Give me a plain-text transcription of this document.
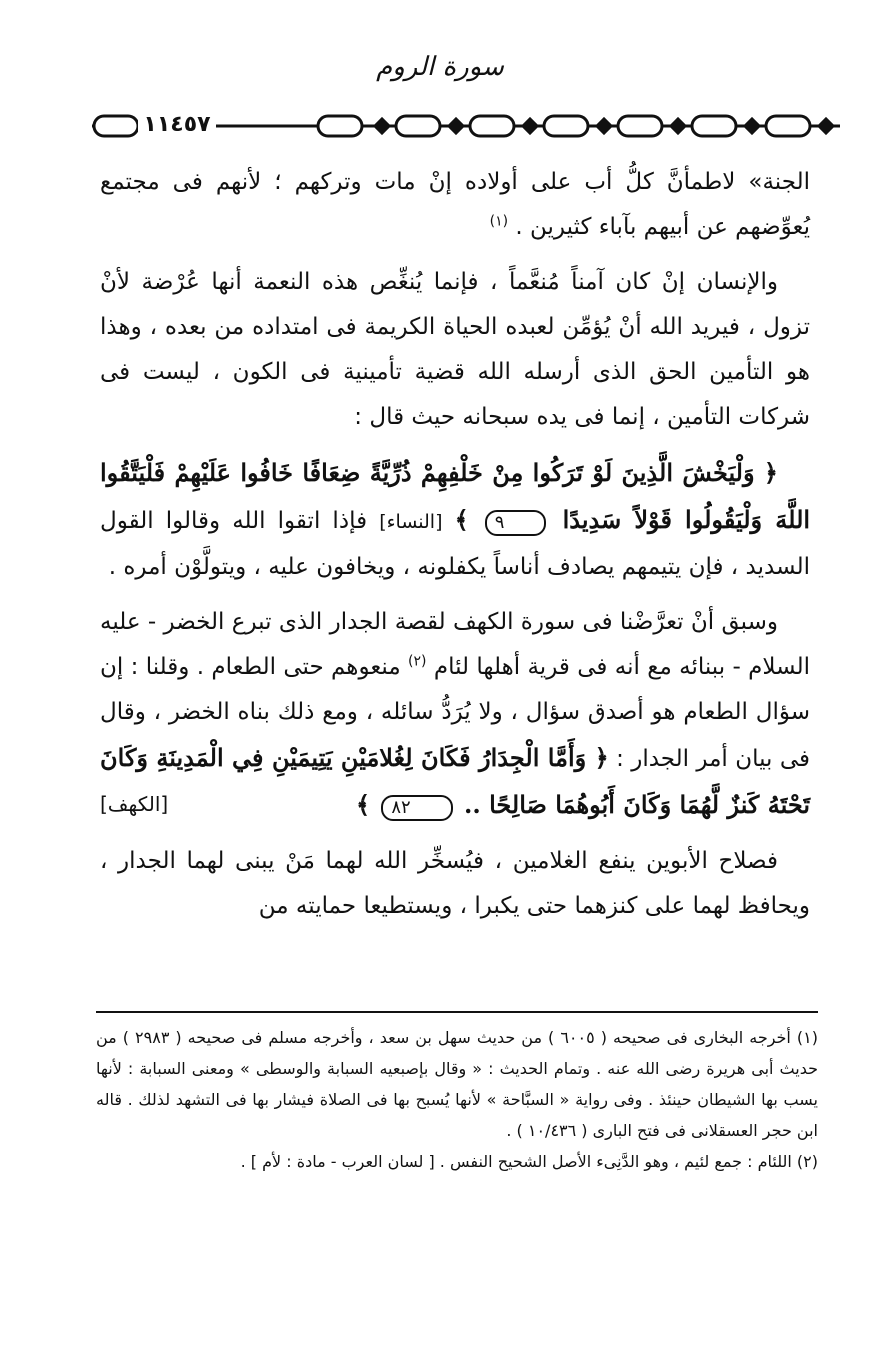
سورة الروم
١١٤٥٧

الجنة» لاطمأنَّ كلُّ أب على أولاده إنْ مات وتركهم ؛ لأنهم فى مجتمع يُعوِّضهم عن أبيهم بآباء كثيرين . $^{(١)}$

والإنسان إنْ كان آمناً مُنعَّماً ، فإنما يُنغِّص هذه النعمة أنها عُرْضة لأنْ تزول ، فيريد الله أنْ يُؤمِّن لعبده الحياة الكريمة فى امتداده من بعده ، وهذا هو التأمين الحق الذى أرسله الله قضية تأمينية فى الكون ، ليست فى شركات التأمين ، إنما فى يده سبحانه حيث قال :

﴿ وَلْيَخْشَ الَّذِينَ لَوْ تَرَكُوا مِنْ خَلْفِهِمْ ذُرِّيَّةً ضِعَافًا خَافُوا عَلَيْهِمْ فَلْيَتَّقُوا اللَّهَ وَلْيَقُولُوا قَوْلاً سَدِيدًا ٩ ﴾ [النساء] فإذا اتقوا الله وقالوا القول السديد ، فإن يتيمهم يصادف أناساً يكفلونه ، ويخافون عليه ، ويتولَّوْن أمره .

وسبق أنْ تعرَّضْنا فى سورة الكهف لقصة الجدار الذى تبرع الخضر - عليه السلام - ببنائه مع أنه فى قرية أهلها لئام $^{(٢)}$ منعوهم حتى الطعام . وقلنا : إن سؤال الطعام هو أصدق سؤال ، ولا يُرَدُّ سائله ، ومع ذلك بناه الخضر ، وقال فى بيان أمر الجدار : ﴿ وَأَمَّا الْجِدَارُ فَكَانَ لِغُلامَيْنِ يَتِيمَيْنِ فِي الْمَدِينَةِ وَكَانَ تَحْتَهُ كَنزٌ لَّهُمَا وَكَانَ أَبُوهُمَا صَالِحًا .. ٨٢ ﴾
[الكهف]

فصلاح الأبوين ينفع الغلامين ، فيُسخِّر الله لهما مَنْ يبنى لهما الجدار ، ويحافظ لهما على كنزهما حتى يكبرا ، ويستطيعا حمايته من

(١) أخرجه البخارى فى صحيحه ( ٦٠٠٥ ) من حديث سهل بن سعد ، وأخرجه مسلم فى صحيحه ( ٢٩٨٣ ) من حديث أبى هريرة رضى الله عنه . وتمام الحديث : « وقال بإصبعيه السبابة والوسطى » ومعنى السبابة : لأنها يسب بها الشيطان حينئذ . وفى رواية « السبَّاحة » لأنها يُسبح بها فى الصلاة فيشار بها فى التشهد لذلك . قاله ابن حجر العسقلانى فى فتح البارى ( ١٠/٤٣٦ ) .

(٢) اللئام : جمع لئيم ، وهو الدَّنِىء الأصل الشحيح النفس . [ لسان العرب - مادة : لأم ] .
